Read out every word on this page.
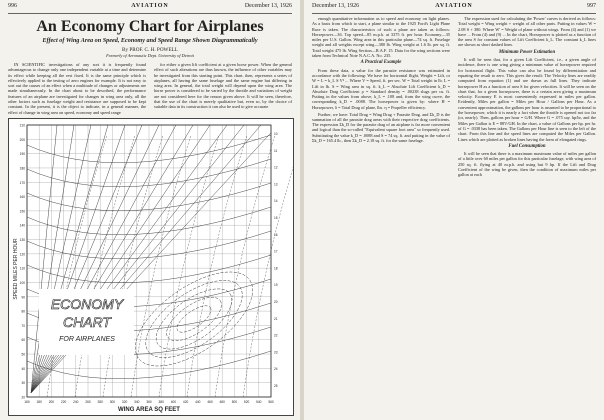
996	AVIATION	December 13, 1926
An Economy Chart for Airplanes
Effect of Wing Area on Speed, Economy and Speed Range Shown Diagrammatically
By PROF. C. H. POWELL
Formerly of Aeronautic Dept. University of Detroit

IN SCIENTIFIC investigations of any sort it is frequently found advantageous to change only one independent variable at a time and determine its effect while keeping all the rest fixed. It is the same principle which is effectively applied to the testing of aero engines for example. It is not easy to sort out the causes of an effect when a multitude of changes or adjustments are made simultaneously. In the chart about to be described, the performance features of an airplane are investigated for changes in wing area only, all the other factors such as fuselage weight and resistance are supposed to be kept constant. In the present, it is the object to indicate, in a general manner, the effect of change in wing area on speed, economy and speed range

for either a given lift coefficient at a given horse power. When the general effect of such alterations are thus known, the influence of other variables may be investigated from this starting point. This chart, then, represents a series of airplanes, all having the same fuselage and the same engine but differing in wing area. In general, the total weight will depend upon the wing area. The horse power is considered to be varied by the throttle and variations of weight are not considered here for the reason given above. It will be seen, therefore, that the use of the chart is merely qualitative but, even so, by the choice of suitable data in its construction it can also be used to give accurate

210
200
190
180
170
160
150
140
130
120
110
100
90
80
70
60
50
40
30
20
160 180 200 220 240 260 280 300 320 340 360 380 400 420 440 460 480 500 520 540 560
10
11
12
13
14
15
16
17
18
19
20
21
22
23
24
25
ECONOMY
CHART
FOR AIRPLANES
WING AREA SQ FEET
SPEED MILES PER HOUR
December 13, 1926	AVIATION	997

enough quantitative information as to speed and economy on light planes. As a basis from which to start, a plane similar to the 1925 Ford's Light Plane Race is taken. The characteristics of such a plane are taken as follows: Horsepower—36. Top speed—85 m.p.h. at 3375 ft. per hour. Economy—35 miles per U.S. Gallon. Wing area in this particular plane—74 sq. ft. Fuselage weight and all weights except wing—380 lb. Wing weight at 1.6 lb. per sq. ft. Total weight 475 lb. Wing Section—R.A.F. 15. Data for the wing sections were taken from Technical Note N.A.C.A. No. 235.

A Practical Example

From these data, a value for the parasite resistance was estimated in accordance with the following: We have for horizontal flight, Weight = Lift, or W = L = k_L S V² ... Where V = Speed, ft. per sec. W = Total weight in lb. L = Lift in lb. S = Wing area in sq. ft. k_L = Absolute Lift Coefficient k_D = Absolute Drag Coefficient ρ = Standard density = .00238 slugs per cu. ft. Putting in the values from above, k_L = .108 and, from the wing curve, the corresponding k_D = .0088. The horsepower is given by: where H = Horsepower, δ = Total Drag of plane, lbs. η = Propeller efficiency.

Further, we have: Total Drag = Wing Drag + Parasite Drag. and Σk_D is the summation of all the parasite drag areas with their respective drag coefficients. The expression Σk_D for the parasite drag of an airplane is far more convenient and logical than the so-called "Equivalent square foot area" so frequently used. Substituting the value k_D = .0088 and S = 74 sq. ft. and putting in the value of Σk_D = 165.4 lb., then Σk_D = 2.18 sq. ft. for the same fuselage.

The expression used for calculating the 'Power' curves is derived as follows: Total weight = Wing weight + weight of all other parts. Putting in values W = 2.08 S + 380. Where W' = Weight of plane without wings. From (4) and (1) we have ... From (4) and (9) ... In the chart, Horsepower is plotted as a function of the area S for constant values of Lift Coefficient k_L. The constant k_L lines are shown as short dashed lines.

Minimum Power Estimation

It will be seen that, for a given Lift Coefficient, i.e., a given angle of incidence, there is one wing giving a minimum value of horsepower required for horizontal flight. This value can also be found by differentiation and equating the result to zero. This gives the result: The Velocity lines are readily computed from equation (1) and are drawn as full lines. They indicate horsepower H as a function of area S for given velocities. It will be seen on the chart that, for a given horsepower, there is a certain area giving a maximum velocity. Economy E is most conveniently expressed in miles per gallon. Evidently, Miles per gallon = Miles per Hour / Gallons per Hour. As a convenient approximation, the gallons per hour is assumed to be proportional to the horsepower, which it is nearly a fact when the throttle is opened not too far (or, nearly). Then, gallons per hour = G/H. Where G = .075 say. hp/hr, and the Miles per Gallon is E = 88V/GH. In the chart, a value of Gallons per hp. per hr. of G = .0338 has been taken. The Gallons per Hour line is seen to the left of the chart. From this line and the speed lines are computed the Miles per Gallon. Lines which are plotted as broken lines having the form of elongated rings.

Fuel Consumption

It will be seen that there is a maximum maximum value of miles per gallon of a little over 60 miles per gallon for this particular fuselage, with wing area of 250 sq. ft. flying at 40 m.p.h. and using but 9 hp. If the Lift and Drag Coefficient of the wing be given, then the condition of maximum miles per gallon at each
